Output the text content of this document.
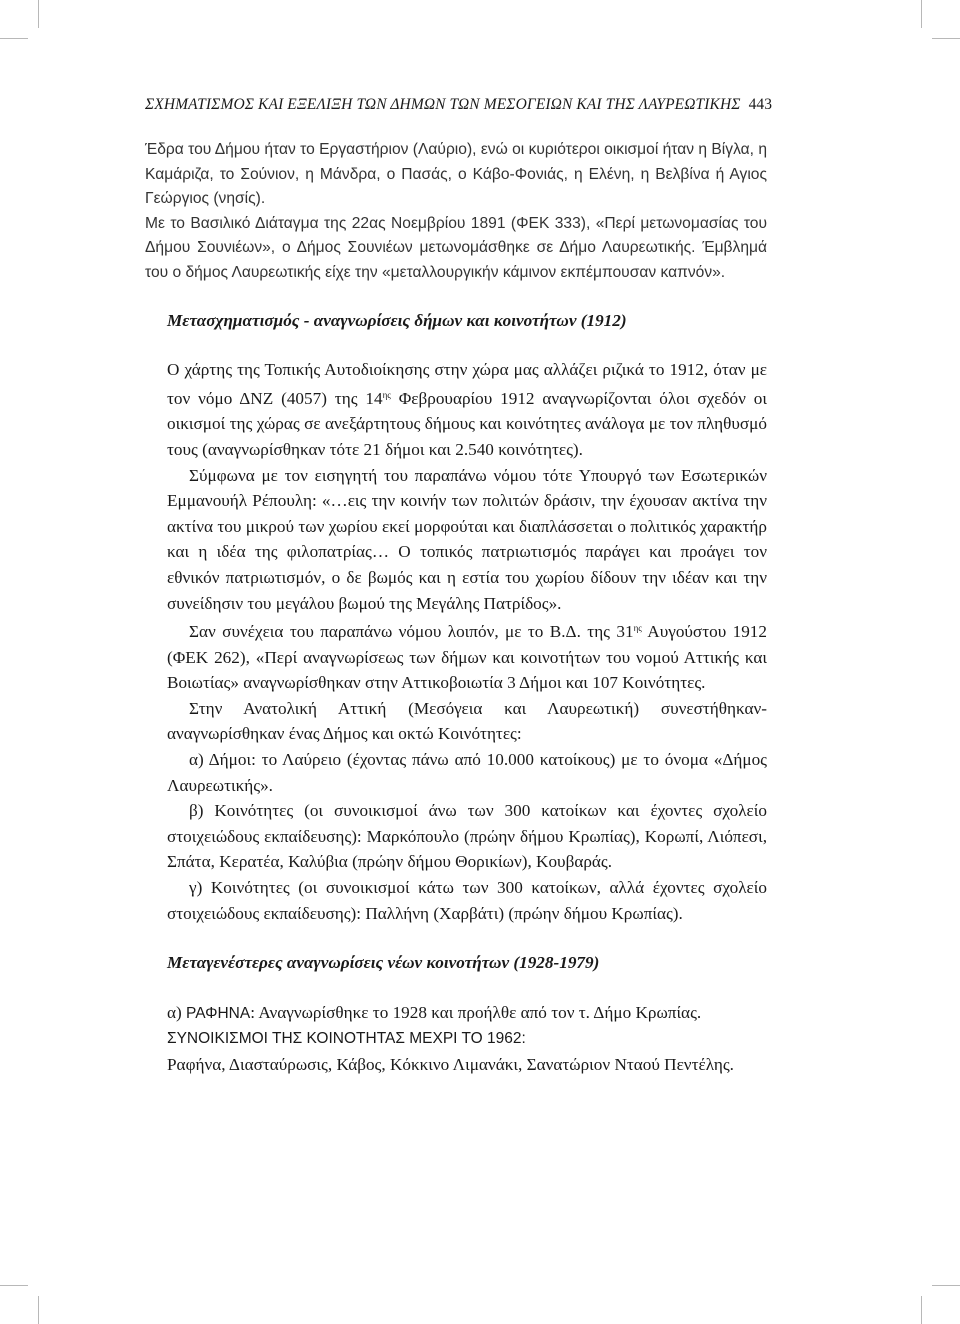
ΣΧΗΜΑΤΙΣΜΟΣ ΚΑΙ ΕΞΕΛΙΞΗ ΤΩΝ ΔΗΜΩΝ ΤΩΝ ΜΕΣΟΓΕΙΩΝ ΚΑΙ ΤΗΣ ΛΑΥΡΕΩΤΙΚΗΣ 443

Έδρα του Δήμου ήταν το Εργαστήριον (Λαύριο), ενώ οι κυριότεροι οικισμοί ήταν η Βίγλα, η Καμάριζα, το Σούνιον, η Μάνδρα, ο Πασάς, ο Κάβο-Φονιάς, η Ελένη, η Βελβίνα ή Αγιος Γεώργιος (νησίς).

Με το Βασιλικό Διάταγμα της 22ας Νοεμβρίου 1891 (ΦΕΚ 333), «Περί μετωνομασίας του Δήμου Σουνιέων», ο Δήμος Σουνιέων μετωνομάσθηκε σε Δήμο Λαυρεωτικής. Έμβλημά του ο δήμος Λαυρεωτικής είχε την «μεταλλουργικήν κάμινον εκπέμπουσαν καπνόν».

Μετασχηματισμός - αναγνωρίσεις δήμων και κοινοτήτων (1912)

Ο χάρτης της Τοπικής Αυτοδιοίκησης στην χώρα μας αλλάζει ριζικά το 1912, όταν με τον νόμο ΔΝΖ (4057) της $14^{\eta\varsigma}$ Φεβρουαρίου 1912 αναγνωρίζονται όλοι σχεδόν οι οικισμοί της χώρας σε ανεξάρτητους δήμους και κοινότητες ανάλογα με τον πληθυσμό τους (αναγνωρίσθηκαν τότε 21 δήμοι και 2.540 κοινότητες).

Σύμφωνα με τον εισηγητή του παραπάνω νόμου τότε Υπουργό των Εσωτερικών Εμμανουήλ Ρέπουλη: «…εις την κοινήν των πολιτών δράσιν, την έχουσαν ακτίνα την ακτίνα του μικρού των χωρίου εκεί μορφούται και διαπλάσσεται ο πολιτικός χαρακτήρ και η ιδέα της φιλοπατρίας… Ο τοπικός πατριωτισμός παράγει και προάγει τον εθνικόν πατριωτισμόν, ο δε βωμός και η εστία του χωρίου δίδουν την ιδέαν και την συνείδησιν του μεγάλου βωμού της Μεγάλης Πατρίδος».

Σαν συνέχεια του παραπάνω νόμου λοιπόν, με το Β.Δ. της $31^{\eta\varsigma}$ Αυγούστου 1912 (ΦΕΚ 262), «Περί αναγνωρίσεως των δήμων και κοινοτήτων του νομού Αττικής και Βοιωτίας» αναγνωρίσθηκαν στην Αττικοβοιωτία 3 Δήμοι και 107 Κοινότητες.

Στην Ανατολική Αττική (Μεσόγεια και Λαυρεωτική) συνεστήθηκαν-αναγνωρίσθηκαν ένας Δήμος και οκτώ Κοινότητες:

α) Δήμοι: το Λαύρειο (έχοντας πάνω από 10.000 κατοίκους) με το όνομα «Δήμος Λαυρεωτικής».

β) Κοινότητες (οι συνοικισμοί άνω των 300 κατοίκων και έχοντες σχολείο στοιχειώδους εκπαίδευσης): Μαρκόπουλο (πρώην δήμου Κρωπίας), Κορωπί, Λιόπεσι, Σπάτα, Κερατέα, Καλύβια (πρώην δήμου Θορικίων), Κουβαράς.

γ) Κοινότητες (οι συνοικισμοί κάτω των 300 κατοίκων, αλλά έχοντες σχολείο στοιχειώδους εκπαίδευσης): Παλλήνη (Χαρβάτι) (πρώην δήμου Κρωπίας).

Μεταγενέστερες αναγνωρίσεις νέων κοινοτήτων (1928-1979)

α) ΡΑΦΗΝΑ: Αναγνωρίσθηκε το 1928 και προήλθε από τον τ. Δήμο Κρωπίας.

ΣΥΝΟΙΚΙΣΜΟΙ ΤΗΣ ΚΟΙΝΟΤΗΤΑΣ ΜΕΧΡΙ ΤΟ 1962:

Ραφήνα, Διασταύρωσις, Κάβος, Κόκκινο Λιμανάκι, Σανατώριον Νταού Πεντέλης.
